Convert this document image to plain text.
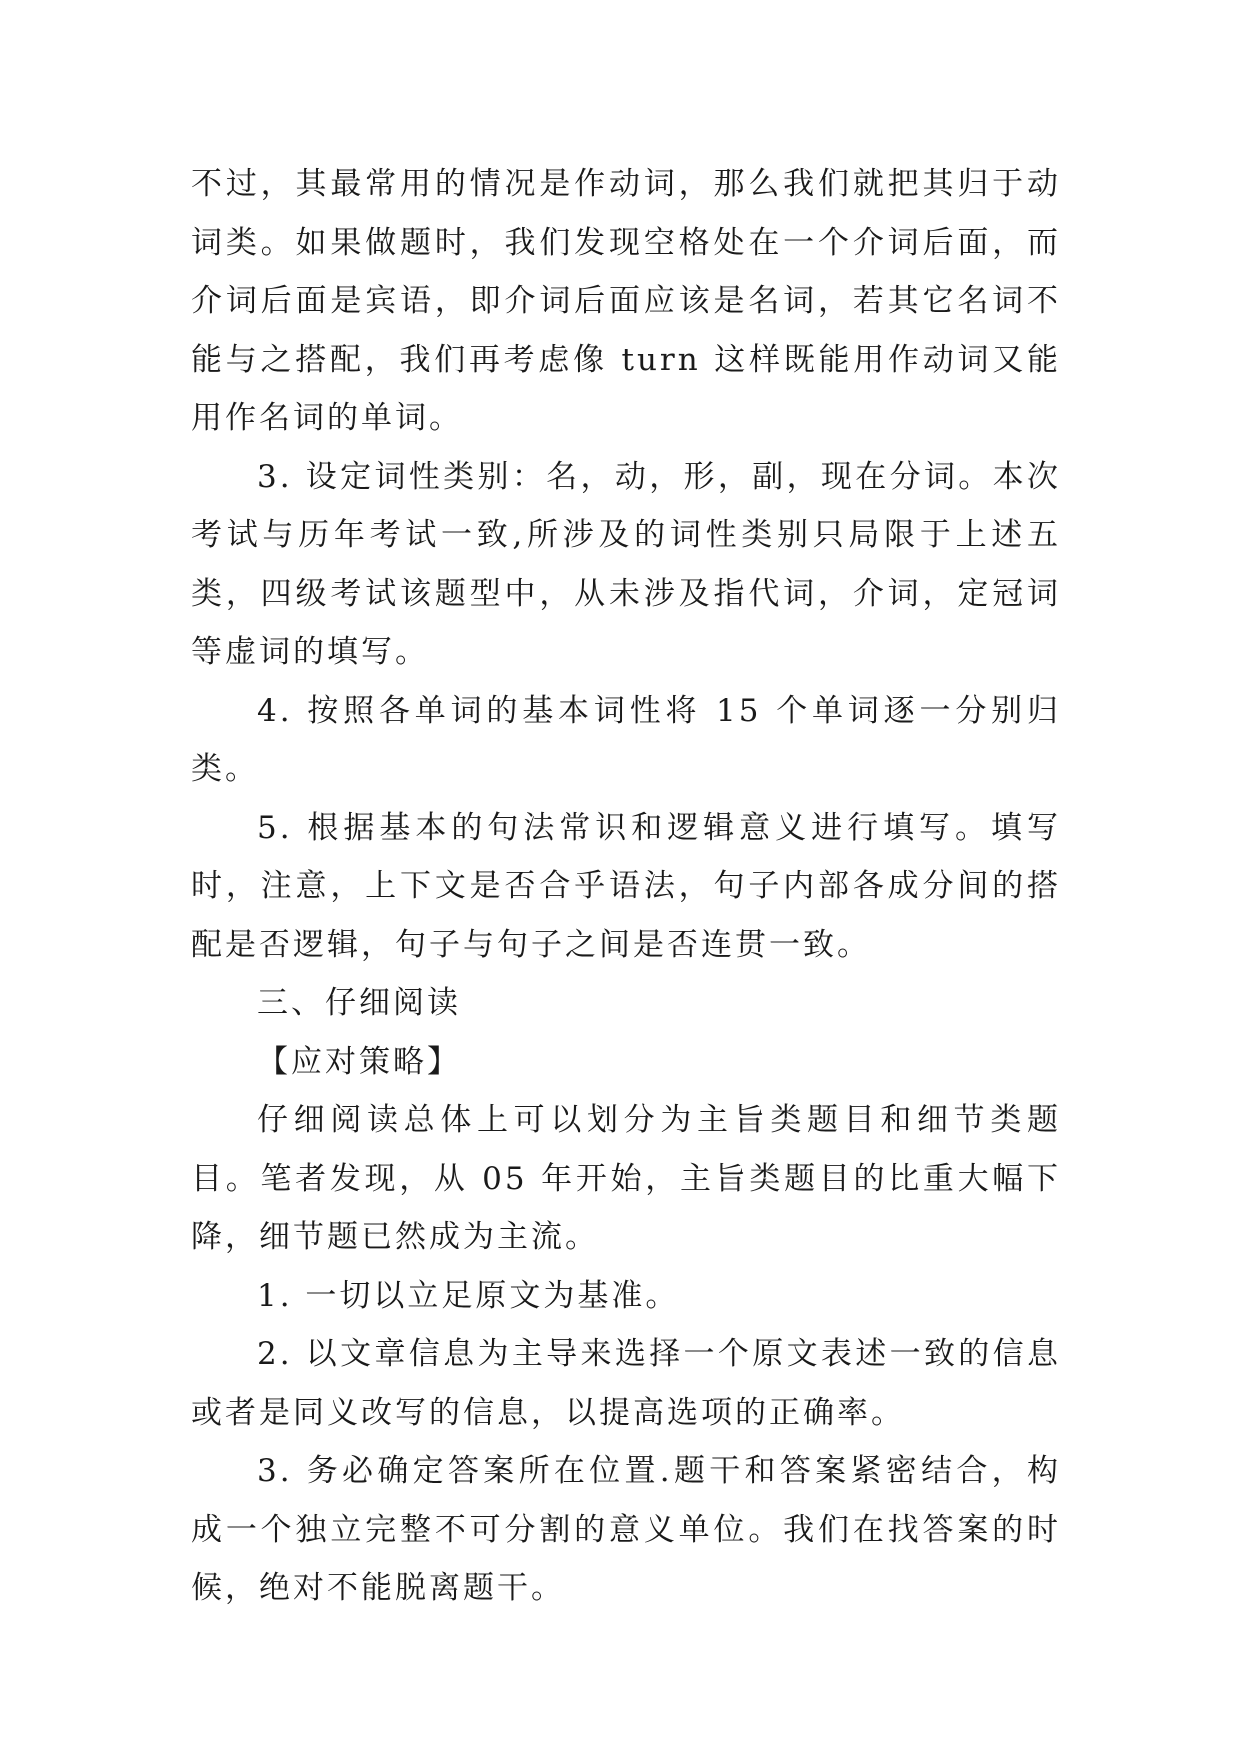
不过，其最常用的情况是作动词，那么我们就把其归于动词类。如果做题时，我们发现空格处在一个介词后面，而介词后面是宾语，即介词后面应该是名词，若其它名词不能与之搭配，我们再考虑像 turn 这样既能用作动词又能用作名词的单词。

3. 设定词性类别：名，动，形，副，现在分词。本次考试与历年考试一致,所涉及的词性类别只局限于上述五类，四级考试该题型中，从未涉及指代词，介词，定冠词等虚词的填写。

4. 按照各单词的基本词性将 15 个单词逐一分别归类。

5. 根据基本的句法常识和逻辑意义进行填写。填写时，注意，上下文是否合乎语法，句子内部各成分间的搭配是否逻辑，句子与句子之间是否连贯一致。

三、仔细阅读

【应对策略】

仔细阅读总体上可以划分为主旨类题目和细节类题目。笔者发现，从 05 年开始，主旨类题目的比重大幅下降，细节题已然成为主流。

1. 一切以立足原文为基准。

2. 以文章信息为主导来选择一个原文表述一致的信息或者是同义改写的信息，以提高选项的正确率。

3. 务必确定答案所在位置.题干和答案紧密结合，构成一个独立完整不可分割的意义单位。我们在找答案的时候，绝对不能脱离题干。
